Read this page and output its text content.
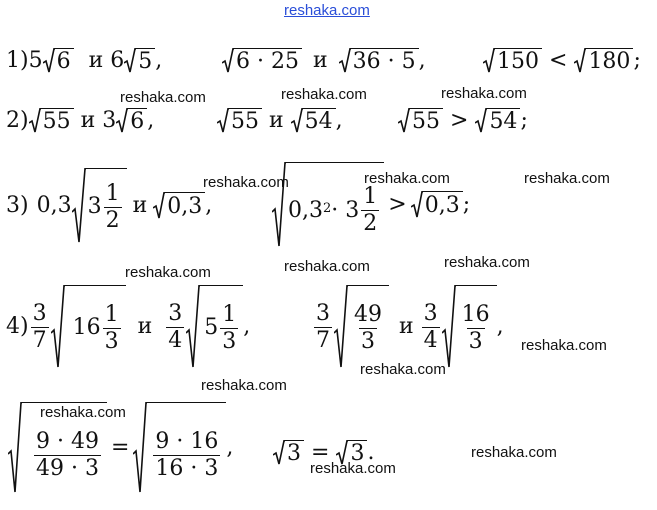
reshaka.com
reshaka.com	reshaka.com	reshaka.com
reshaka.com	reshaka.com	reshaka.com
reshaka.com	reshaka.com	reshaka.com
reshaka.com
reshaka.com
reshaka.com
reshaka.com
reshaka.com
reshaka.com
1)5 6 и 6 5 ,	6 · 25 и 36 · 5 ,	150 < 180 ;
2) 55 и 3 6 ,	55 и 54 ,	55 > 54 ;
3) 0,3 $3 \frac{1}{2}$ и 0,3 ,	$0,3^2 \cdot 3 \frac{1}{2} > 0,3$ ;
$4) \frac{3}{7} 16 \frac{1}{3}$ и $\frac{3}{4} 5 \frac{1}{3}$ ,	$\frac{3}{7} \frac{49}{3}$ и $\frac{3}{4} \frac{16}{3}$ ,
$\frac{9 \cdot 49}{49 \cdot 3} = \frac{9 \cdot 16}{16 \cdot 3}$ , 3 = 3 .
